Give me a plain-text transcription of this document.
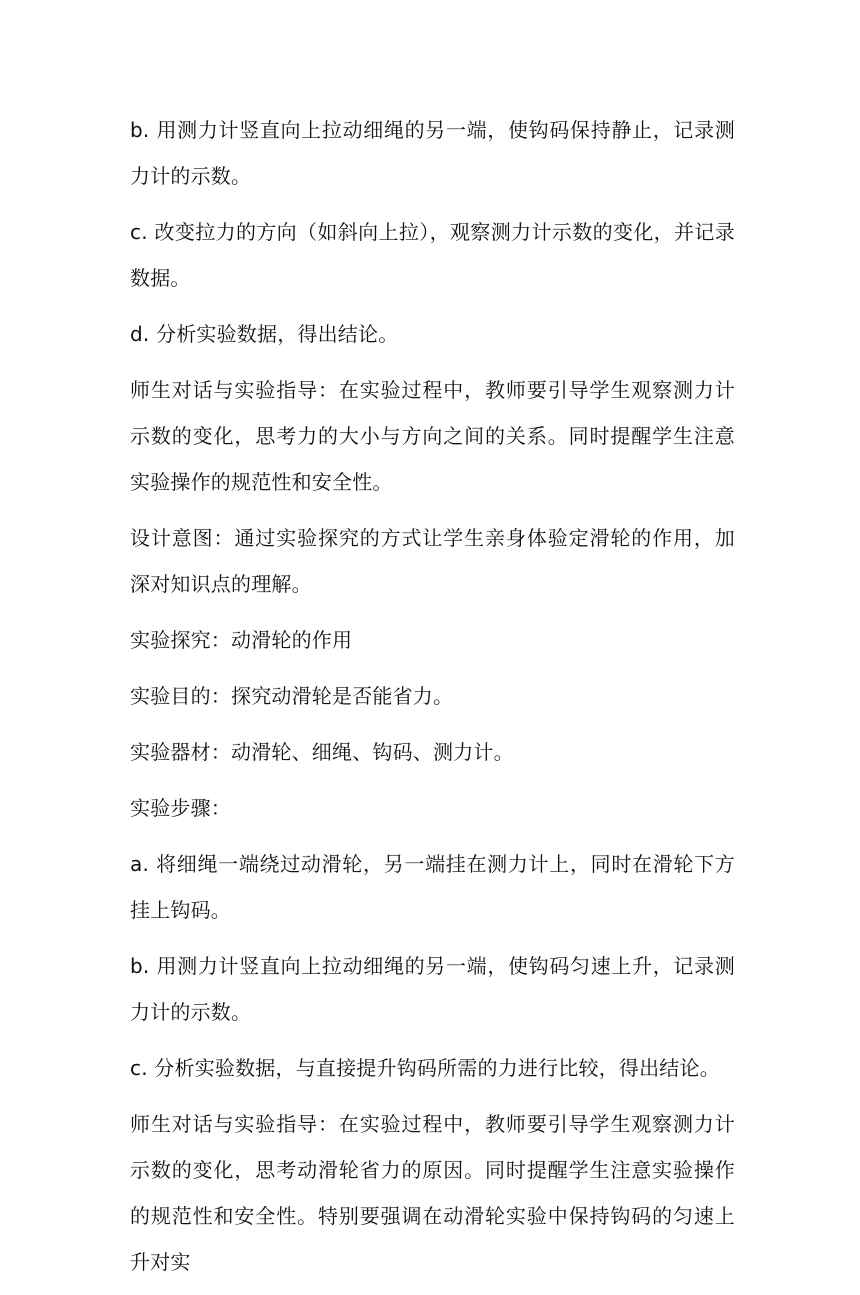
b. 用测力计竖直向上拉动细绳的另一端，使钩码保持静止，记录测力计的示数。

c. 改变拉力的方向（如斜向上拉），观察测力计示数的变化，并记录数据。

d. 分析实验数据，得出结论。

师生对话与实验指导：在实验过程中，教师要引导学生观察测力计示数的变化，思考力的大小与方向之间的关系。同时提醒学生注意实验操作的规范性和安全性。

设计意图：通过实验探究的方式让学生亲身体验定滑轮的作用，加深对知识点的理解。

实验探究：动滑轮的作用

实验目的：探究动滑轮是否能省力。

实验器材：动滑轮、细绳、钩码、测力计。

实验步骤：

a. 将细绳一端绕过动滑轮，另一端挂在测力计上，同时在滑轮下方挂上钩码。

b. 用测力计竖直向上拉动细绳的另一端，使钩码匀速上升，记录测力计的示数。

c. 分析实验数据，与直接提升钩码所需的力进行比较，得出结论。

师生对话与实验指导：在实验过程中，教师要引导学生观察测力计示数的变化，思考动滑轮省力的原因。同时提醒学生注意实验操作的规范性和安全性。特别要强调在动滑轮实验中保持钩码的匀速上升对实
